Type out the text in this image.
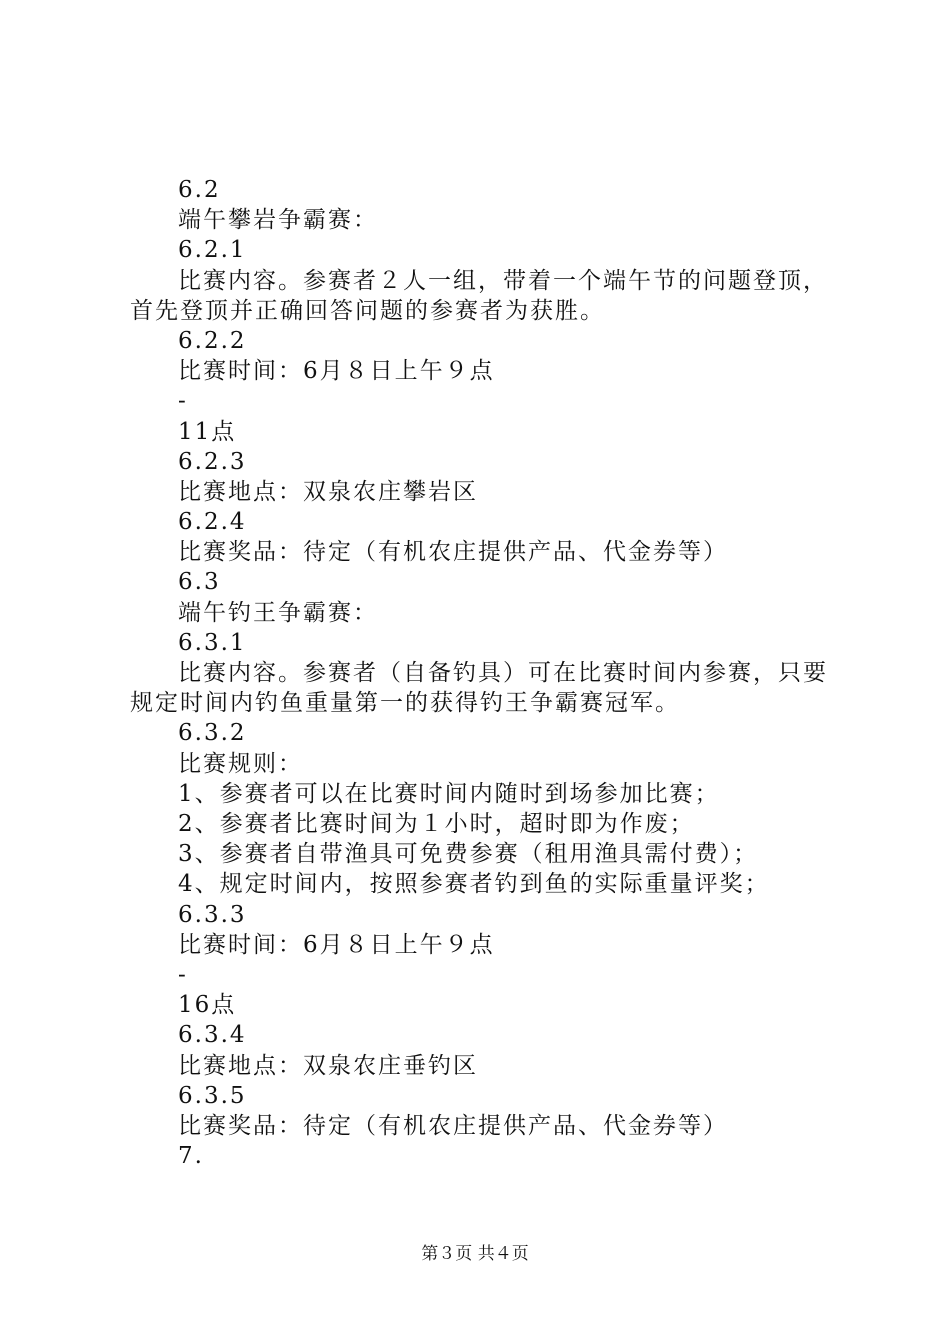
6.2
端午攀岩争霸赛：
6.2.1
比赛内容。参赛者２人一组，带着一个端午节的问题登顶，首先登顶并正确回答问题的参赛者为获胜。
6.2.2
比赛时间：6月８日上午９点
-
11点
6.2.3
比赛地点：双泉农庄攀岩区
6.2.4
比赛奖品：待定（有机农庄提供产品、代金券等）
6.3
端午钓王争霸赛：
6.3.1
比赛内容。参赛者（自备钓具）可在比赛时间内参赛，只要规定时间内钓鱼重量第一的获得钓王争霸赛冠军。
6.3.2
比赛规则：
1、参赛者可以在比赛时间内随时到场参加比赛；
2、参赛者比赛时间为１小时，超时即为作废；
3、参赛者自带渔具可免费参赛（租用渔具需付费）；
4、规定时间内，按照参赛者钓到鱼的实际重量评奖；
6.3.3
比赛时间：6月８日上午９点
-
16点
6.3.4
比赛地点：双泉农庄垂钓区
6.3.5
比赛奖品：待定（有机农庄提供产品、代金券等）
7.
第３页 共４页
